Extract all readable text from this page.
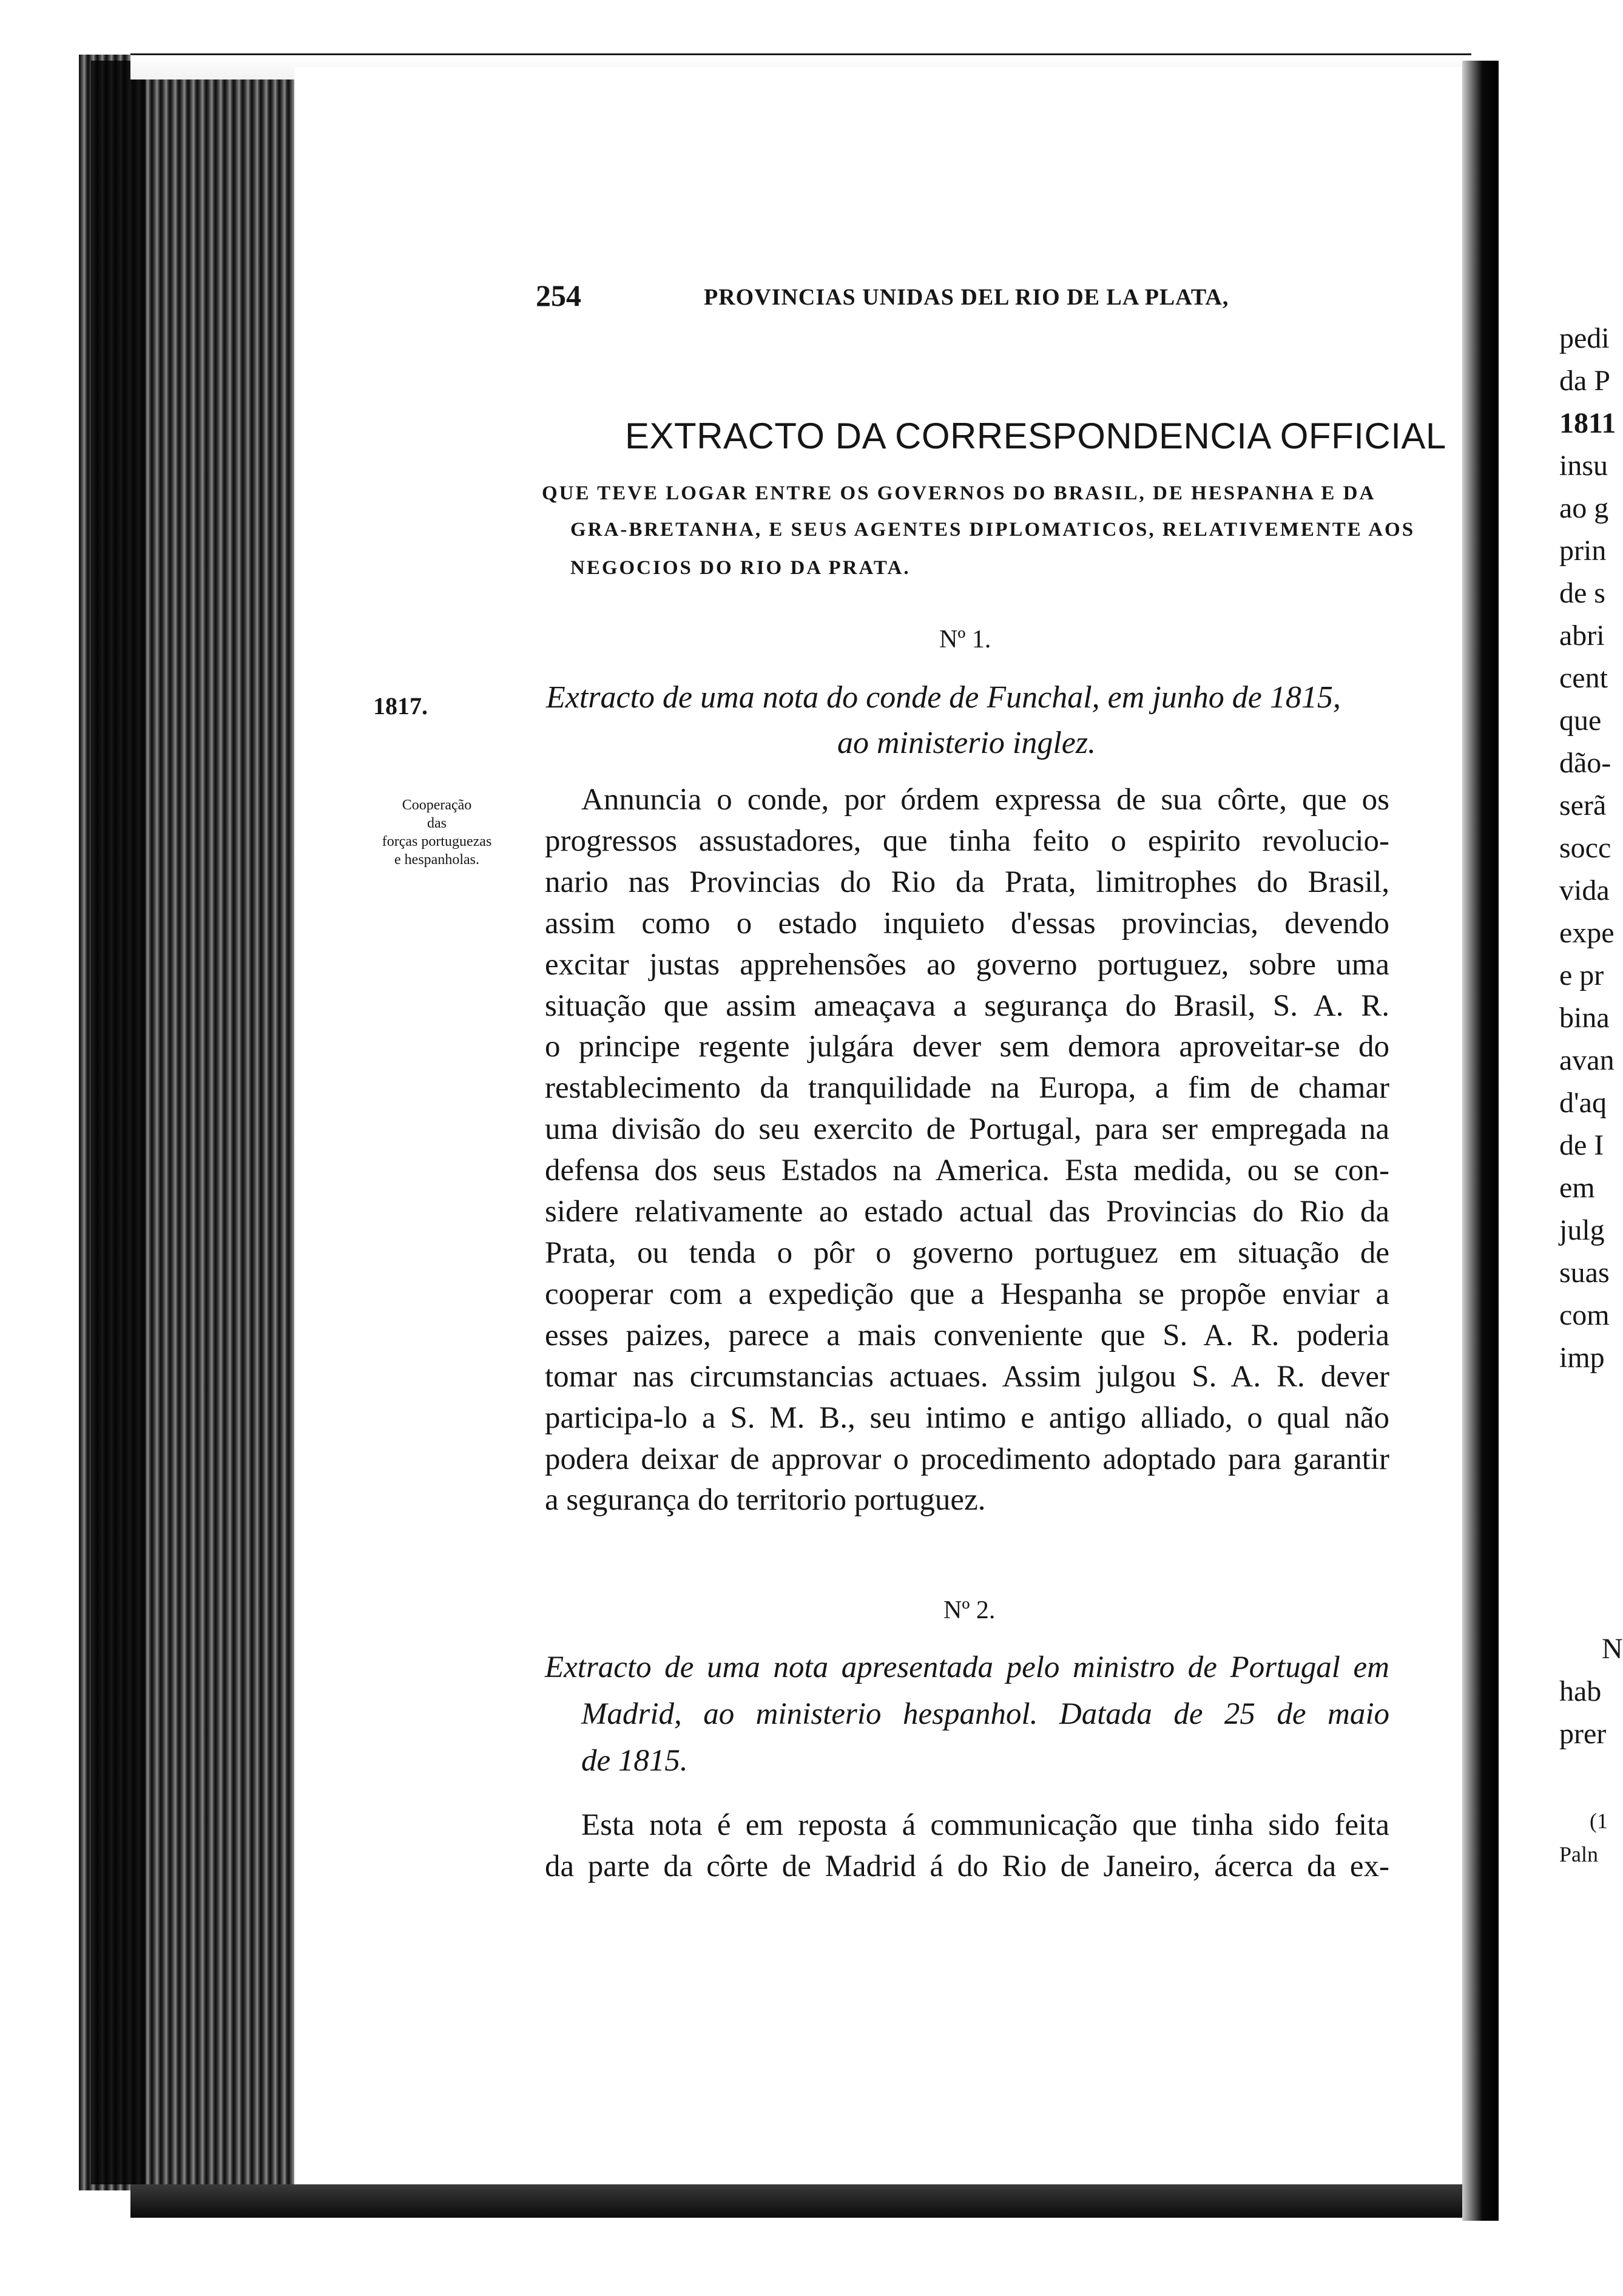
254	PROVINCIAS UNIDAS DEL RIO DE LA PLATA,

EXTRACTO DA CORRESPONDENCIA OFFICIAL

QUE TEVE LOGAR ENTRE OS GOVERNOS DO BRASIL, DE HESPANHA E DA

GRA-BRETANHA, E SEUS AGENTES DIPLOMATICOS, RELATIVEMENTE AOS

NEGOCIOS DO RIO DA PRATA.

Nº 1.

1817.

Cooperação
das
forças portuguezas
e hespanholas.

Extracto de uma nota do conde de Funchal, em junho de 1815,

ao ministerio inglez.

Annuncia o conde, por órdem expressa de sua côrte, que os
progressos assustadores, que tinha feito o espirito revolucio-
nario nas Provincias do Rio da Prata, limitrophes do Brasil,
assim como o estado inquieto d'essas provincias, devendo
excitar justas apprehensões ao governo portuguez, sobre uma
situação que assim ameaçava a segurança do Brasil, S. A. R.
o principe regente julgára dever sem demora aproveitar-se do
restablecimento da tranquilidade na Europa, a fim de chamar
uma divisão do seu exercito de Portugal, para ser empregada na
defensa dos seus Estados na America. Esta medida, ou se con-
sidere relativamente ao estado actual das Provincias do Rio da
Prata, ou tenda o pôr o governo portuguez em situação de
cooperar com a expedição que a Hespanha se propõe enviar a
esses paizes, parece a mais conveniente que S. A. R. poderia
tomar nas circumstancias actuaes. Assim julgou S. A. R. dever
participa-lo a S. M. B., seu intimo e antigo alliado, o qual não
podera deixar de approvar o procedimento adoptado para garantir
a segurança do territorio portuguez.

Nº 2.

Extracto de uma nota apresentada pelo ministro de Portugal em
Madrid, ao ministerio hespanhol. Datada de 25 de maio
de 1815.
Esta nota é em reposta á communicação que tinha sido feita
da parte da côrte de Madrid á do Rio de Janeiro, ácerca da ex-
pedi
da P
1811
insu
ao g
prin
de s
abri
cent
que
dão-
serã
socc
vida
expe
e pr
bina
avan
d'aq
de I
em
julg
suas
com
imp
N
hab
prer
(1
Paln
